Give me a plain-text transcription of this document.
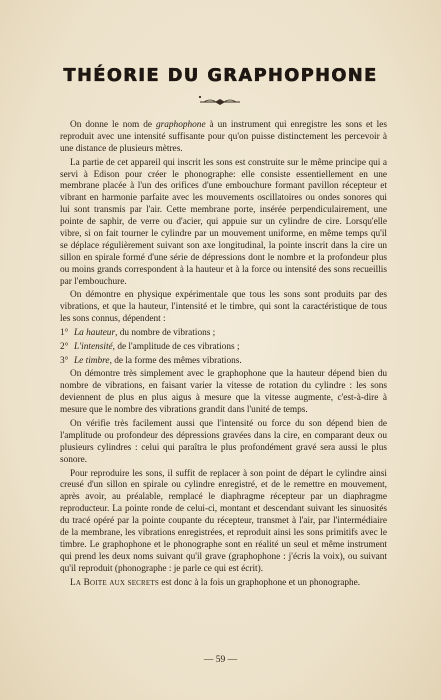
THÉORIE DU GRAPHOPHONE

On donne le nom de graphophone à un instrument qui enregistre les sons et les reproduit avec une intensité suffisante pour qu'on puisse distinctement les percevoir à une distance de plusieurs mètres.

La partie de cet appareil qui inscrit les sons est construite sur le même principe qui a servi à Edison pour créer le phonographe: elle consiste essentiellement en une membrane placée à l'un des orifices d'une embouchure formant pavillon récepteur et vibrant en harmonie parfaite avec les mouvements oscillatoires ou ondes sonores qui lui sont transmis par l'air. Cette membrane porte, insérée perpendiculairement, une pointe de saphir, de verre ou d'acier, qui appuie sur un cylindre de cire. Lorsqu'elle vibre, si on fait tourner le cylindre par un mouvement uniforme, en même temps qu'il se déplace régulièrement suivant son axe longitudinal, la pointe inscrit dans la cire un sillon en spirale formé d'une série de dépressions dont le nombre et la profondeur plus ou moins grands correspondent à la hauteur et à la force ou intensité des sons recueillis par l'embouchure.

On démontre en physique expérimentale que tous les sons sont produits par des vibrations, et que la hauteur, l'intensité et le timbre, qui sont la caractéristique de tous les sons connus, dépendent :

1° La hauteur, du nombre de vibrations ;

2° L'intensité, de l'amplitude de ces vibrations ;

3° Le timbre, de la forme des mêmes vibrations.

On démontre très simplement avec le graphophone que la hauteur dépend bien du nombre de vibrations, en faisant varier la vitesse de rotation du cylindre : les sons deviennent de plus en plus aigus à mesure que la vitesse augmente, c'est-à-dire à mesure que le nombre des vibrations grandit dans l'unité de temps.

On vérifie très facilement aussi que l'intensité ou force du son dépend bien de l'amplitude ou profondeur des dépressions gravées dans la cire, en comparant deux ou plusieurs cylindres : celui qui paraîtra le plus profondément gravé sera aussi le plus sonore.

Pour reproduire les sons, il suffit de replacer à son point de départ le cylindre ainsi creusé d'un sillon en spirale ou cylindre enregistré, et de le remettre en mouvement, après avoir, au préalable, remplacé le diaphragme récepteur par un diaphragme reproducteur. La pointe ronde de celui-ci, montant et descendant suivant les sinuosités du tracé opéré par la pointe coupante du récepteur, transmet à l'air, par l'intermédiaire de la membrane, les vibrations enregistrées, et reproduit ainsi les sons primitifs avec le timbre. Le graphophone et le phonographe sont en réalité un seul et même instrument qui prend les deux noms suivant qu'il grave (graphophone : j'écris la voix), ou suivant qu'il reproduit (phonographe : je parle ce qui est écrit).

La Boite aux secrets est donc à la fois un graphophone et un phonographe.

— 59 —
